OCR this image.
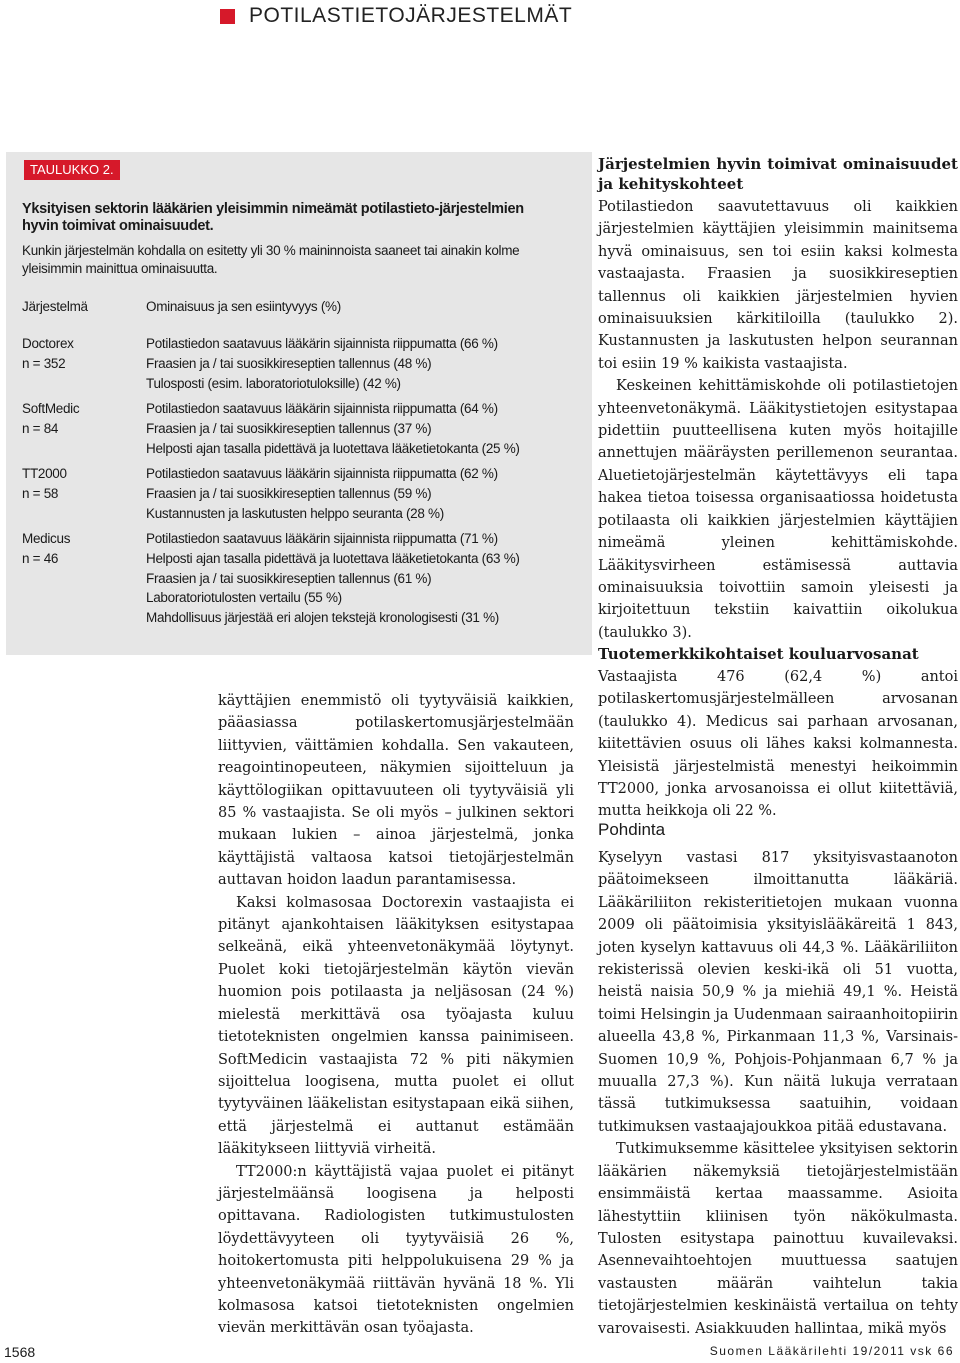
POTILASTIETOJÄRJESTELMÄT
TAULUKKO 2.
Yksityisen sektorin lääkärien yleisimmin nimeämät potilastieto-järjestelmien hyvin toimivat ominaisuudet.
Kunkin järjestelmän kohdalla on esitetty yli 30 % maininnoista saaneet tai ainakin kolme yleisimmin mainittua ominaisuutta.
Järjestelmä	Ominaisuus ja sen esiintyvyys (%)
Doctorex
n = 352
Potilastiedon saatavuus lääkärin sijainnista riippumatta (66 %)
Fraasien ja / tai suosikkireseptien tallennus (48 %)
Tulosposti (esim. laboratoriotuloksille) (42 %)
SoftMedic
n = 84
Potilastiedon saatavuus lääkärin sijainnista riippumatta (64 %)
Fraasien ja / tai suosikkireseptien tallennus (37 %)
Helposti ajan tasalla pidettävä ja luotettava lääketietokanta (25 %)
TT2000
n = 58
Potilastiedon saatavuus lääkärin sijainnista riippumatta (62 %)
Fraasien ja / tai suosikkireseptien tallennus (59 %)
Kustannusten ja laskutusten helppo seuranta (28 %)
Medicus
n = 46
Potilastiedon saatavuus lääkärin sijainnista riippumatta (71 %)
Helposti ajan tasalla pidettävä ja luotettava lääketietokanta (63 %)
Fraasien ja / tai suosikkireseptien tallennus (61 %)
Laboratoriotulosten vertailu (55 %)
Mahdollisuus järjestää eri alojen tekstejä kronologisesti (31 %)
Järjestelmien hyvin toimivat ominaisuudet ja kehityskohteet

Potilastiedon saavutettavuus oli kaikkien järjestelmien käyttäjien yleisimmin mainitsema hyvä ominaisuus, sen toi esiin kaksi kolmesta vastaajasta. Fraasien ja suosikkireseptien tallennus oli kaikkien järjestelmien hyvien ominaisuuksien kärkitiloilla (taulukko 2). Kustannusten ja laskutusten helpon seurannan toi esiin 19 % kaikista vastaajista.

Keskeinen kehittämiskohde oli potilastietojen yhteenvetonäkymä. Lääkitystietojen esitystapaa pidettiin puutteellisena kuten myös hoitajille annettujen määräysten perillemenon seurantaa. Aluetietojärjestelmän käytettävyys eli tapa hakea tietoa toisessa organisaatiossa hoidetusta potilaasta oli kaikkien järjestelmien käyttäjien nimeämä yleinen kehittämiskohde. Lääkitysvirheen estämisessä auttavia ominaisuuksia toivottiin samoin yleisesti ja kirjoitettuun tekstiin kaivattiin oikolukua (taulukko 3).

Tuotemerkkikohtaiset kouluarvosanat

Vastaajista 476 (62,4 %) antoi potilaskertomusjärjestelmälleen arvosanan (taulukko 4). Medicus sai parhaan arvosanan, kiitettävien osuus oli lähes kaksi kolmannesta. Yleisistä järjestelmistä menestyi heikoimmin TT2000, jonka arvosanoissa ei ollut kiitettäviä, mutta heikkoja oli 22 %.

Pohdinta

Kyselyyn vastasi 817 yksityisvastaanoton päätoimekseen ilmoittanutta lääkäriä. Lääkäriliiton rekisteritietojen mukaan vuonna 2009 oli päätoimisia yksityislääkäreitä 1 843, joten kyselyn kattavuus oli 44,3 %. Lääkäriliiton rekisterissä olevien keski-ikä oli 51 vuotta, heistä naisia 50,9 % ja miehiä 49,1 %. Heistä toimi Helsingin ja Uudenmaan sairaanhoitopiirin alueella 43,8 %, Pirkanmaan 11,3 %, Varsinais-Suomen 10,9 %, Pohjois-Pohjanmaan 6,7 % ja muualla 27,3 %). Kun näitä lukuja verrataan tässä tutkimuksessa saatuihin, voidaan tutkimuksen vastaajajoukkoa pitää edustavana.

Tutkimuksemme käsittelee yksityisen sektorin lääkärien näkemyksiä tietojärjestelmistään ensimmäistä kertaa maassamme. Asioita lähestyttiin kliinisen työn näkökulmasta. Tulosten esitystapa painottuu kuvailevaksi. Asennevaihtoehtojen muuttuessa saatujen vastausten määrän vaihtelun takia tietojärjestelmien keskinäistä vertailua on tehty varovaisesti. Asiakkuuden hallintaa, mikä myös

käyttäjien enemmistö oli tyytyväisiä kaikkien, pääasiassa potilaskertomusjärjestelmään liittyvien, väittämien kohdalla. Sen vakauteen, reagointinopeuteen, näkymien sijoitteluun ja käyttölogiikan opittavuuteen oli tyytyväisiä yli 85 % vastaajista. Se oli myös – julkinen sektori mukaan lukien – ainoa järjestelmä, jonka käyttäjistä valtaosa katsoi tietojärjestelmän auttavan hoidon laadun parantamisessa.

Kaksi kolmasosaa Doctorexin vastaajista ei pitänyt ajankohtaisen lääkityksen esitystapaa selkeänä, eikä yhteenvetonäkymää löytynyt. Puolet koki tietojärjestelmän käytön vievän huomion pois potilaasta ja neljäsosan (24 %) mielestä merkittävä osa työajasta kuluu tietoteknisten ongelmien kanssa painimiseen. SoftMedicin vastaajista 72 % piti näkymien sijoittelua loogisena, mutta puolet ei ollut tyytyväinen lääkelistan esitystapaan eikä siihen, että järjestelmä ei auttanut estämään lääkitykseen liittyviä virheitä.

TT2000:n käyttäjistä vajaa puolet ei pitänyt järjestelmäänsä loogisena ja helposti opittavana. Radiologisten tutkimustulosten löydettävyyteen oli tyytyväisiä 26 %, hoitokertomusta piti helppolukuisena 29 % ja yhteenvetonäkymää riittävän hyvänä 18 %. Yli kolmasosa katsoi tietoteknisten ongelmien vievän merkittävän osan työajasta.

1568	Suomen Lääkärilehti 19/2011 vsk 66
